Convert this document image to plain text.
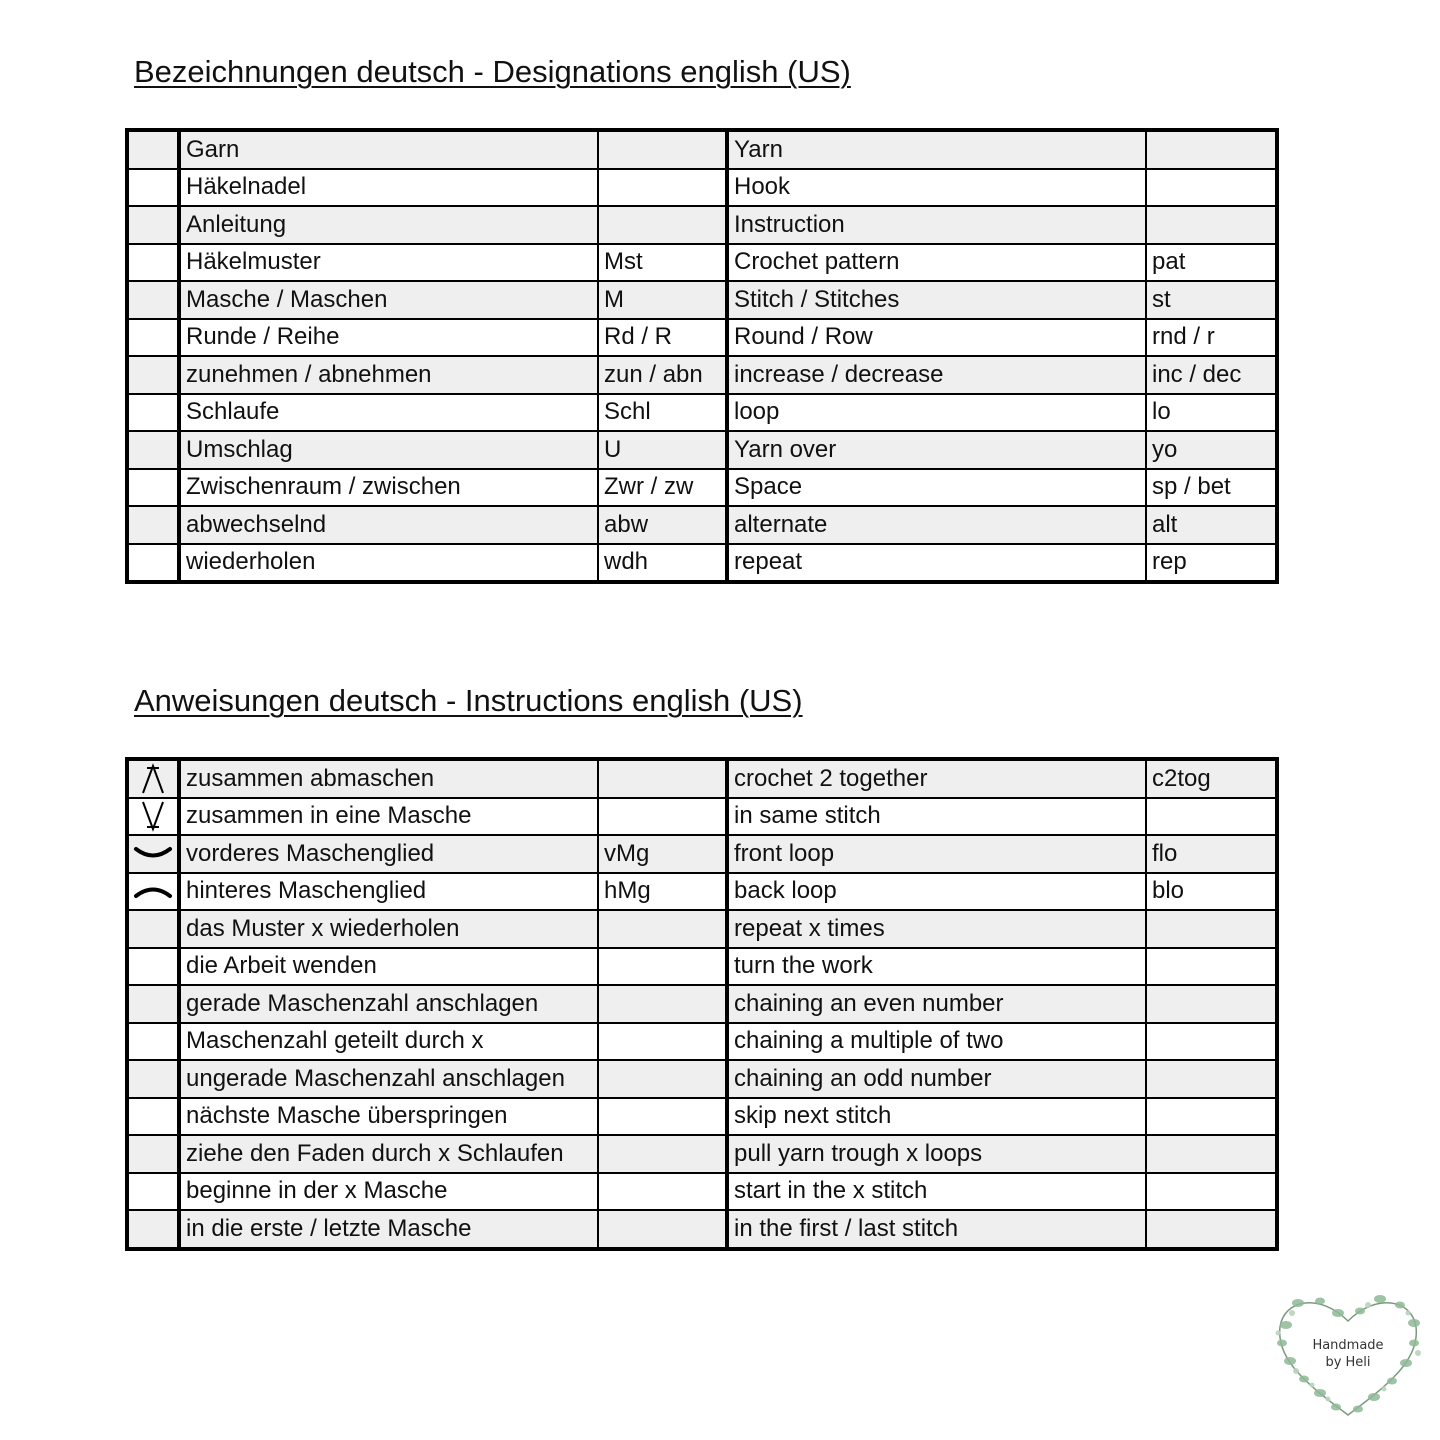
Bezeichnungen deutsch - Designations english (US)
	Garn		Yarn	
	Häkelnadel		Hook	
	Anleitung		Instruction	
	Häkelmuster	Mst	Crochet pattern	pat
	Masche / Maschen	M	Stitch / Stitches	st
	Runde / Reihe	Rd / R	Round / Row	rnd / r
	zunehmen / abnehmen	zun / abn	increase / decrease	inc / dec
	Schlaufe	Schl	loop	lo
	Umschlag	U	Yarn over	yo
	Zwischenraum / zwischen	Zwr / zw	Space	sp / bet
	abwechselnd	abw	alternate	alt
	wiederholen	wdh	repeat	rep
Anweisungen deutsch - Instructions english (US)
	zusammen abmaschen		crochet 2 together	c2tog

	zusammen in eine Masche		in same stitch	

	vorderes Maschenglied	vMg	front loop	flo

	hinteres Maschenglied	hMg	back loop	blo
	das Muster x wiederholen		repeat x times	
	die Arbeit wenden		turn the work	
	gerade Maschenzahl anschlagen		chaining an even number	
	Maschenzahl geteilt durch x		chaining a multiple of two	
	ungerade Maschenzahl anschlagen		chaining an odd number	
	nächste Masche überspringen		skip next stitch	
	ziehe den Faden durch x Schlaufen		pull yarn trough x loops	
	beginne in der x Masche		start in the x stitch	
	in die erste / letzte Masche		in the first / last stitch	
Handmade
by Heli
